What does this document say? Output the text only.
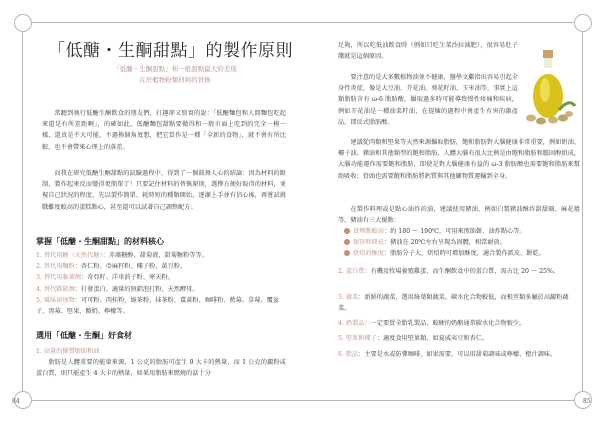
「低醣・生酮甜點」的製作原則
「低醣・生酮甜點」和一般甜點最大的差別
在於穀物粉類材料的替換
常聽到執行低醣生酮飲食的朋友們，打趣卻又寫實的說：「低醣麵包和人間麵包吃起來還是有所差距啊」，的確如此，低醣麵包甜點要做得和一般市面上吃到的完全一模一樣，還真是不大可能，不過換個角度想，把它當作是一種「全新的食物」，就不會有所比較，也不會帶來心理上的落差。
而我在研究低醣生酮甜點的試驗過程中，得到了一個鼓舞人心的結論：因為材料的限制，製作起來反而變得更簡單了！只要記住材料的替換原則，選擇方便好取得的材料，並視自己狀況的程度，先以製作簡單、耗時短的種類開始，逐漸上手並有信心後，再嘗試挑戰難度較高的蛋糕點心，甚至還可以試著自己調整配方。
掌握「低醣・生酮甜點」的材料核心
1. 替代用糖（天然代糖）：赤藻糖醇、甜菊液、甜菊糖粉等等。
2. 替代用麵粉：杏仁粉、亞麻籽粉、椰子粉、黃豆粉。
3. 替代用黏著劑：奇亞籽、洋車前子粉、寒天粉。
4. 替代膨鬆劑：打發蛋白、適量的無鋁泡打粉、天然酵母。
5. 風味添加物：可可粉、肉桂粉、綠茶粉、抹茶粉、薑黃粉、咖啡粉、藍莓、草莓、覆盆子、黑莓、堅果、酪奶、檸檬等。
選用「低醣・生酮」好食材
1. 高量的優質脂肪和油
脂肪是人體重要的能量來源，1 公克的脂肪可產生 9 大卡的熱量，而 1 公克的澱粉或蛋白質，則只能產生 4 大卡的熱量，如果用脂肪來燃燒的話十分
84
足夠，所以吃低油飲食時（例如只吃生菜沙拉減肥），很容易肚子餓就是這個原因。
要注意的是大多數植物油並不健康，醫學文獻指出容易引起全身性炎症，像是大豆油、芥花油、葵花籽油、玉米油等，事實上這類脂肪含有 ω-6 脂肪酸，攝取過多時可能導致慢性疼痛和疾病，例如芥花油是一種油菜籽油，在提煉的過程中會產生有害的副產品，即反式脂肪酸。
建議從肉類和堅果等天然來源攝取脂肪，飽和脂肪對大腦健康非常重要，例如奶油、椰子油、豬油和其他類型的飽和脂肪，人體大腦有很大比例是由飽和脂肪和膽固醇組成，大腦功能運作需要飽和脂肪，即使是對大腦健康有益的 ω-3 脂肪酸也需要飽和脂肪來幫助吸收；骨頭也需要飽和脂肪將鈣質與其他礦物質運輸到全身。
在製作料理或是點心油炸的油，建議使用豬油，例如白製豬油酥炸甜甜圈、麻花捲等，豬油有三大優點：
冒煙點較高：約 180 ～ 190℃，可用來煎餡餅、油炸點心等。
保存時間長：豬油在 20℃左右呈現為固體，相當耐放。
烘焙的酥度：脂肪分子大，烘焙時可增加酥度，適合製作派皮、餅乾。
2. 蛋白質：有機及牧場養殖雞蛋，而生酮飲食中的蛋白質，需占比 20 ～ 25%。
3. 蔬菜：新鮮的蔬菜，選用綠葉類蔬菜，碳水化合物較低，而根莖類多屬於高澱粉蔬菜。
4. 奶製品：一定要買全脂乳製品，較硬的奶酪通常碳水化合物較少。
5. 堅果和種子：適度食用堅果類，如夏威夷豆和杏仁。
6. 飲品：主要是水或防彈咖啡，如果需要，可以用甜菊調味或檸檬、橙汁調味。
85
